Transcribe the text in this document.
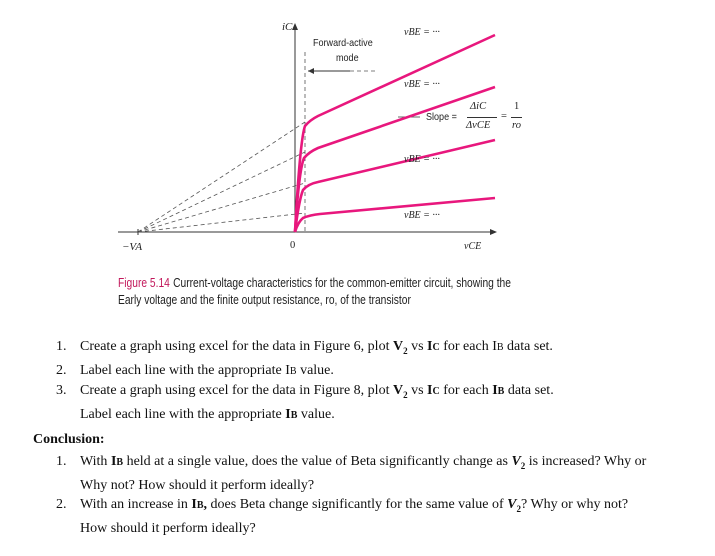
iC
vCE
0
−VA
Forward-active
mode
vBE = ···
vBE = ···
vBE = ···
vBE = ···
Slope =
ΔiC
ΔvCE
=
1
ro
Figure 5.14 Current-voltage characteristics for the common-emitter circuit, showing the
Early voltage and the finite output resistance, ro, of the transistor
1. Create a graph using excel for the data in Figure 6, plot $V_2$ vs IC for each IB data set.
2. Label each line with the appropriate IB value.
3. Create a graph using excel for the data in Figure 8, plot $V_2$ vs IC for each IB data set.
Label each line with the appropriate IB value.
Conclusion:
1. With IB held at a single value, does the value of Beta significantly change as $V_2$ is increased? Why or Why not? How should it perform ideally?
2. With an increase in IB, does Beta change significantly for the same value of $V_2$? Why or why not? How should it perform ideally?
